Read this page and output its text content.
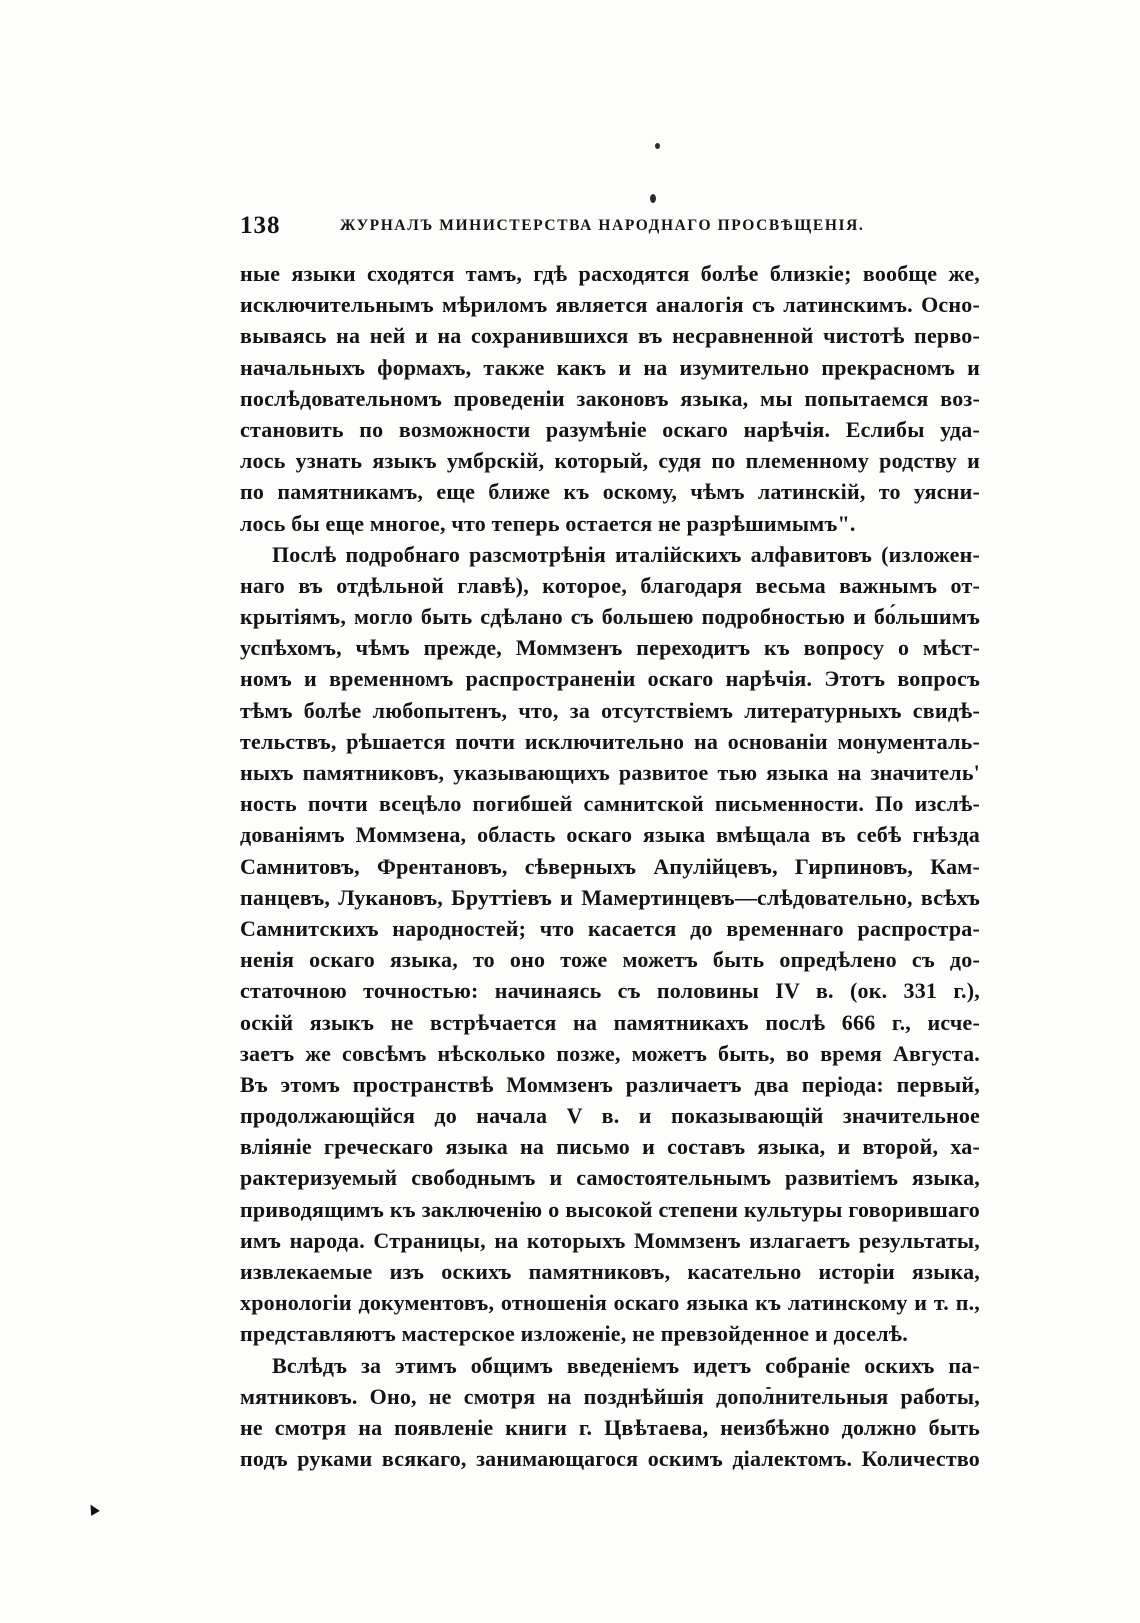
138	ЖУРНАЛЪ МИНИСТЕРСТВА НАРОДНАГО ПРОСВѢЩЕНІЯ.
ные языки сходятся тамъ, гдѣ расходятся болѣе близкіе; вообще же,
исключительнымъ мѣриломъ является аналогія съ латинскимъ. Осно-
вываясь на ней и на сохранившихся въ несравненной чистотѣ перво-
начальныхъ формахъ, также какъ и на изумительно прекрасномъ и
послѣдовательномъ проведеніи законовъ языка, мы попытаемся воз-
становить по возможности разумѣніе оскаго нарѣчія. Еслибы уда-
лось узнать языкъ умбрскій, который, судя по племенному родству и
по памятникамъ, еще ближе къ оскому, чѣмъ латинскій, то уясни-
лось бы еще многое, что теперь остается не разрѣшимымъ".
Послѣ подробнаго разсмотрѣнія италійскихъ алфавитовъ (изложен-
наго въ отдѣльной главѣ), которое, благодаря весьма важнымъ от-
крытіямъ, могло быть сдѣлано съ большею подробностью и бо́льшимъ
успѣхомъ, чѣмъ прежде, Моммзенъ переходитъ къ вопросу о мѣст-
номъ и временномъ распространеніи оскаго нарѣчія. Этотъ вопросъ
тѣмъ болѣе любопытенъ, что, за отсутствіемъ литературныхъ свидѣ-
тельствъ, рѣшается почти исключительно на основаніи монументаль-
ныхъ памятниковъ, указывающихъ развитое тью языка на значитель'
ность почти всецѣло погибшей самнитской письменности. По изслѣ-
дованіямъ Моммзена, область оскаго языка вмѣщала въ себѣ гнѣзда
Самнитовъ, Френтановъ, сѣверныхъ Апулійцевъ, Гирпиновъ, Кам-
панцевъ, Лукановъ, Бруттіевъ и Мамертинцевъ—слѣдовательно, всѣхъ
Самнитскихъ народностей; что касается до временнаго распростра-
ненія оскаго языка, то оно тоже можетъ быть опредѣлено съ до-
статочною точностью: начинаясь съ половины IV в. (ок. 331 г.),
оскій языкъ не встрѣчается на памятникахъ послѣ 666 г., исче-
заетъ же совсѣмъ нѣсколько позже, можетъ быть, во время Августа.
Въ этомъ пространствѣ Моммзенъ различаетъ два періода: первый,
продолжающійся до начала V в. и показывающій значительное
вліяніе греческаго языка на письмо и составъ языка, и второй, ха-
рактеризуемый свободнымъ и самостоятельнымъ развитіемъ языка,
приводящимъ къ заключенію о высокой степени культуры говорившаго
имъ народа. Страницы, на которыхъ Моммзенъ излагаетъ результаты,
извлекаемые изъ оскихъ памятниковъ, касательно исторіи языка,
хронологіи документовъ, отношенія оскаго языка къ латинскому и т. п.,
представляютъ мастерское изложеніе, не превзойденное и доселѣ.
Вслѣдъ за этимъ общимъ введеніемъ идетъ собраніе оскихъ па-
мятниковъ. Оно, не смотря на позднѣйшія дополнительныя работы,
не смотря на появленіе книги г. Цвѣтаева, неизбѣжно должно быть
подъ руками всякаго, занимающагося оскимъ діалектомъ. Количество
